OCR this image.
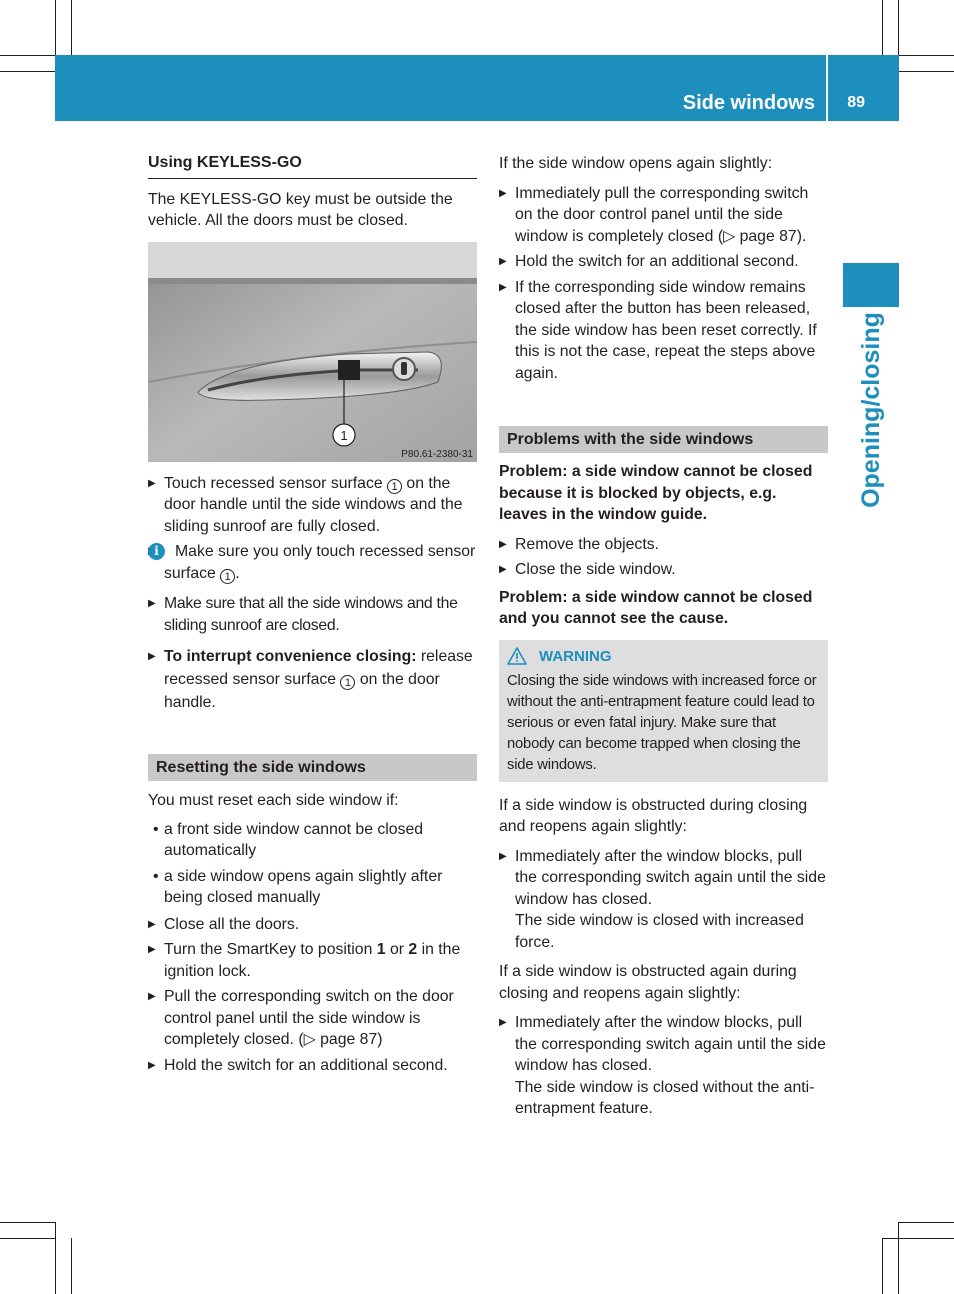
Side windows 89
Opening/closing

Using KEYLESS-GO

The KEYLESS-GO key must be outside the vehicle. All the doors must be closed.

1
P80.61-2380-31
▶ Touch recessed sensor surface 1 on the door handle until the side windows and the sliding sunroof are fully closed.
▶ i	Make sure you only touch recessed sensor surface 1 .
▶ Make sure that all the side windows and the sliding sunroof are closed.
▶ To interrupt convenience closing: release recessed sensor surface 1 on the door handle.
Resetting the side windows

You must reset each side window if:

• a front side window cannot be closed automatically
• a side window opens again slightly after being closed manually
▶ Close all the doors.
▶ Turn the SmartKey to position 1 or 2 in the ignition lock.
▶ Pull the corresponding switch on the door control panel until the side window is completely closed. (▷ page 87)
▶ Hold the switch for an additional second.

If the side window opens again slightly:

▶ Immediately pull the corresponding switch on the door control panel until the side window is completely closed (▷ page 87).
▶ Hold the switch for an additional second.
▶ If the corresponding side window remains closed after the button has been released, the side window has been reset correctly. If this is not the case, repeat the steps above again.
Problems with the side windows

Problem: a side window cannot be closed because it is blocked by objects, e.g. leaves in the window guide.

▶ Remove the objects.
▶ Close the side window.

Problem: a side window cannot be closed and you cannot see the cause.

WARNING

Closing the side windows with increased force or without the anti-entrapment feature could lead to serious or even fatal injury. Make sure that nobody can become trapped when closing the side windows.

If a side window is obstructed during closing and reopens again slightly:

▶ Immediately after the window blocks, pull the corresponding switch again until the side window has closed.
The side window is closed with increased force.

If a side window is obstructed again during closing and reopens again slightly:

▶ Immediately after the window blocks, pull the corresponding switch again until the side window has closed.
The side window is closed without the anti-entrapment feature.
